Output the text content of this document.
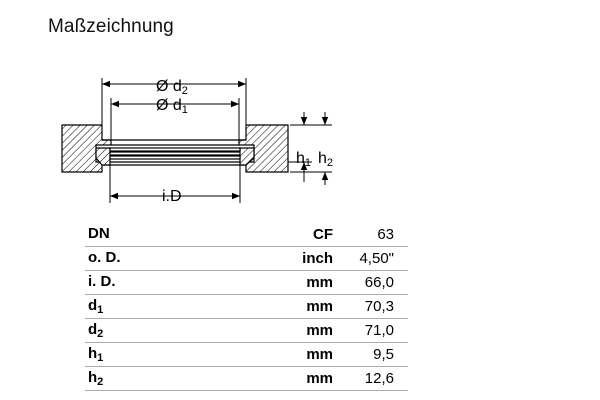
Maßzeichnung
Ø d2
Ø d1
i.D
h1 h2
DN	CF	63
o. D.	inch	4,50"
i. D.	mm	66,0
$d_1$	mm	70,3
$d_2$	mm	71,0
$h_1$	mm	9,5
$h_2$	mm	12,6
